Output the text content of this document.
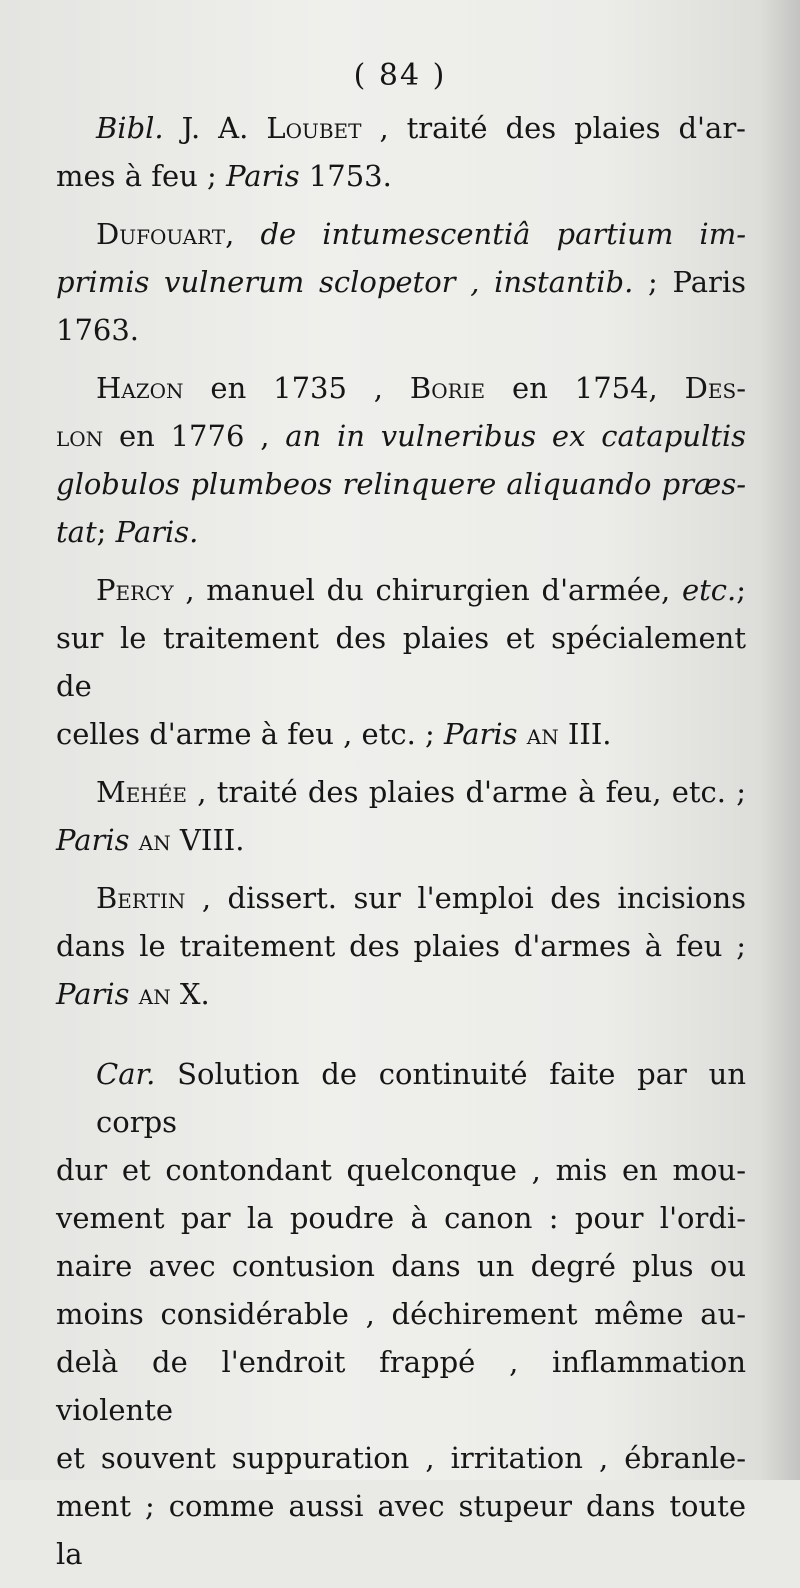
( 84 )
Bibl. J. A. Loubet , traité des plaies d'ar-
mes à feu ; Paris 1753.
Dufouart, de intumescentiâ partium im-
primis vulnerum sclopetor , instantib. ; Paris
1763.
Hazon en 1735 , Borie en 1754, Des-
lon en 1776 , an in vulneribus ex catapultis
globulos plumbeos relinquere aliquando præs-
tat; Paris.
Percy , manuel du chirurgien d'armée, etc.;
sur le traitement des plaies et spécialement de
celles d'arme à feu , etc. ; Paris an III.
Mehée , traité des plaies d'arme à feu, etc. ;
Paris an VIII.
Bertin , dissert. sur l'emploi des incisions
dans le traitement des plaies d'armes à feu ;
Paris an X.
Car. Solution de continuité faite par un corps
dur et contondant quelconque , mis en mou-
vement par la poudre à canon : pour l'ordi-
naire avec contusion dans un degré plus ou
moins considérable , déchirement même au-
delà de l'endroit frappé , inflammation violente
et souvent suppuration , irritation , ébranle-
ment ; comme aussi avec stupeur dans toute la
